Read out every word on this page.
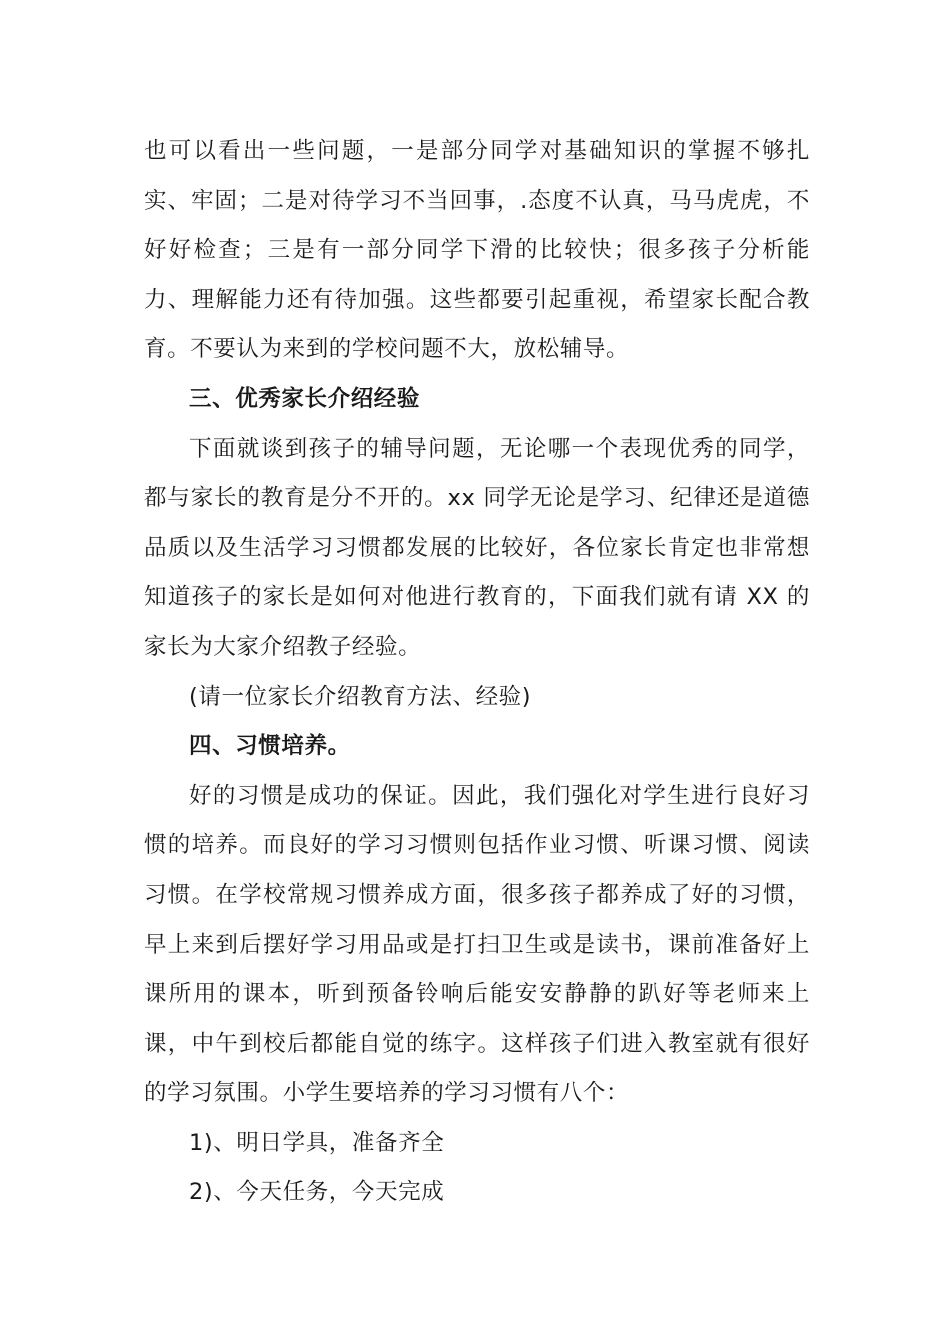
也可以看出一些问题，一是部分同学对基础知识的掌握不够扎实、牢固；二是对待学习不当回事，.态度不认真，马马虎虎，不好好检查；三是有一部分同学下滑的比较快；很多孩子分析能力、理解能力还有待加强。这些都要引起重视，希望家长配合教育。不要认为来到的学校问题不大，放松辅导。

三、优秀家长介绍经验

下面就谈到孩子的辅导问题，无论哪一个表现优秀的同学，都与家长的教育是分不开的。xx 同学无论是学习、纪律还是道德品质以及生活学习习惯都发展的比较好，各位家长肯定也非常想知道孩子的家长是如何对他进行教育的，下面我们就有请 XX 的家长为大家介绍教子经验。

(请一位家长介绍教育方法、经验)

四、习惯培养。

好的习惯是成功的保证。因此，我们强化对学生进行良好习惯的培养。而良好的学习习惯则包括作业习惯、听课习惯、阅读习惯。在学校常规习惯养成方面，很多孩子都养成了好的习惯，早上来到后摆好学习用品或是打扫卫生或是读书，课前准备好上课所用的课本，听到预备铃响后能安安静静的趴好等老师来上课，中午到校后都能自觉的练字。这样孩子们进入教室就有很好的学习氛围。小学生要培养的学习习惯有八个：

1)、明日学具，准备齐全

2)、今天任务，今天完成
